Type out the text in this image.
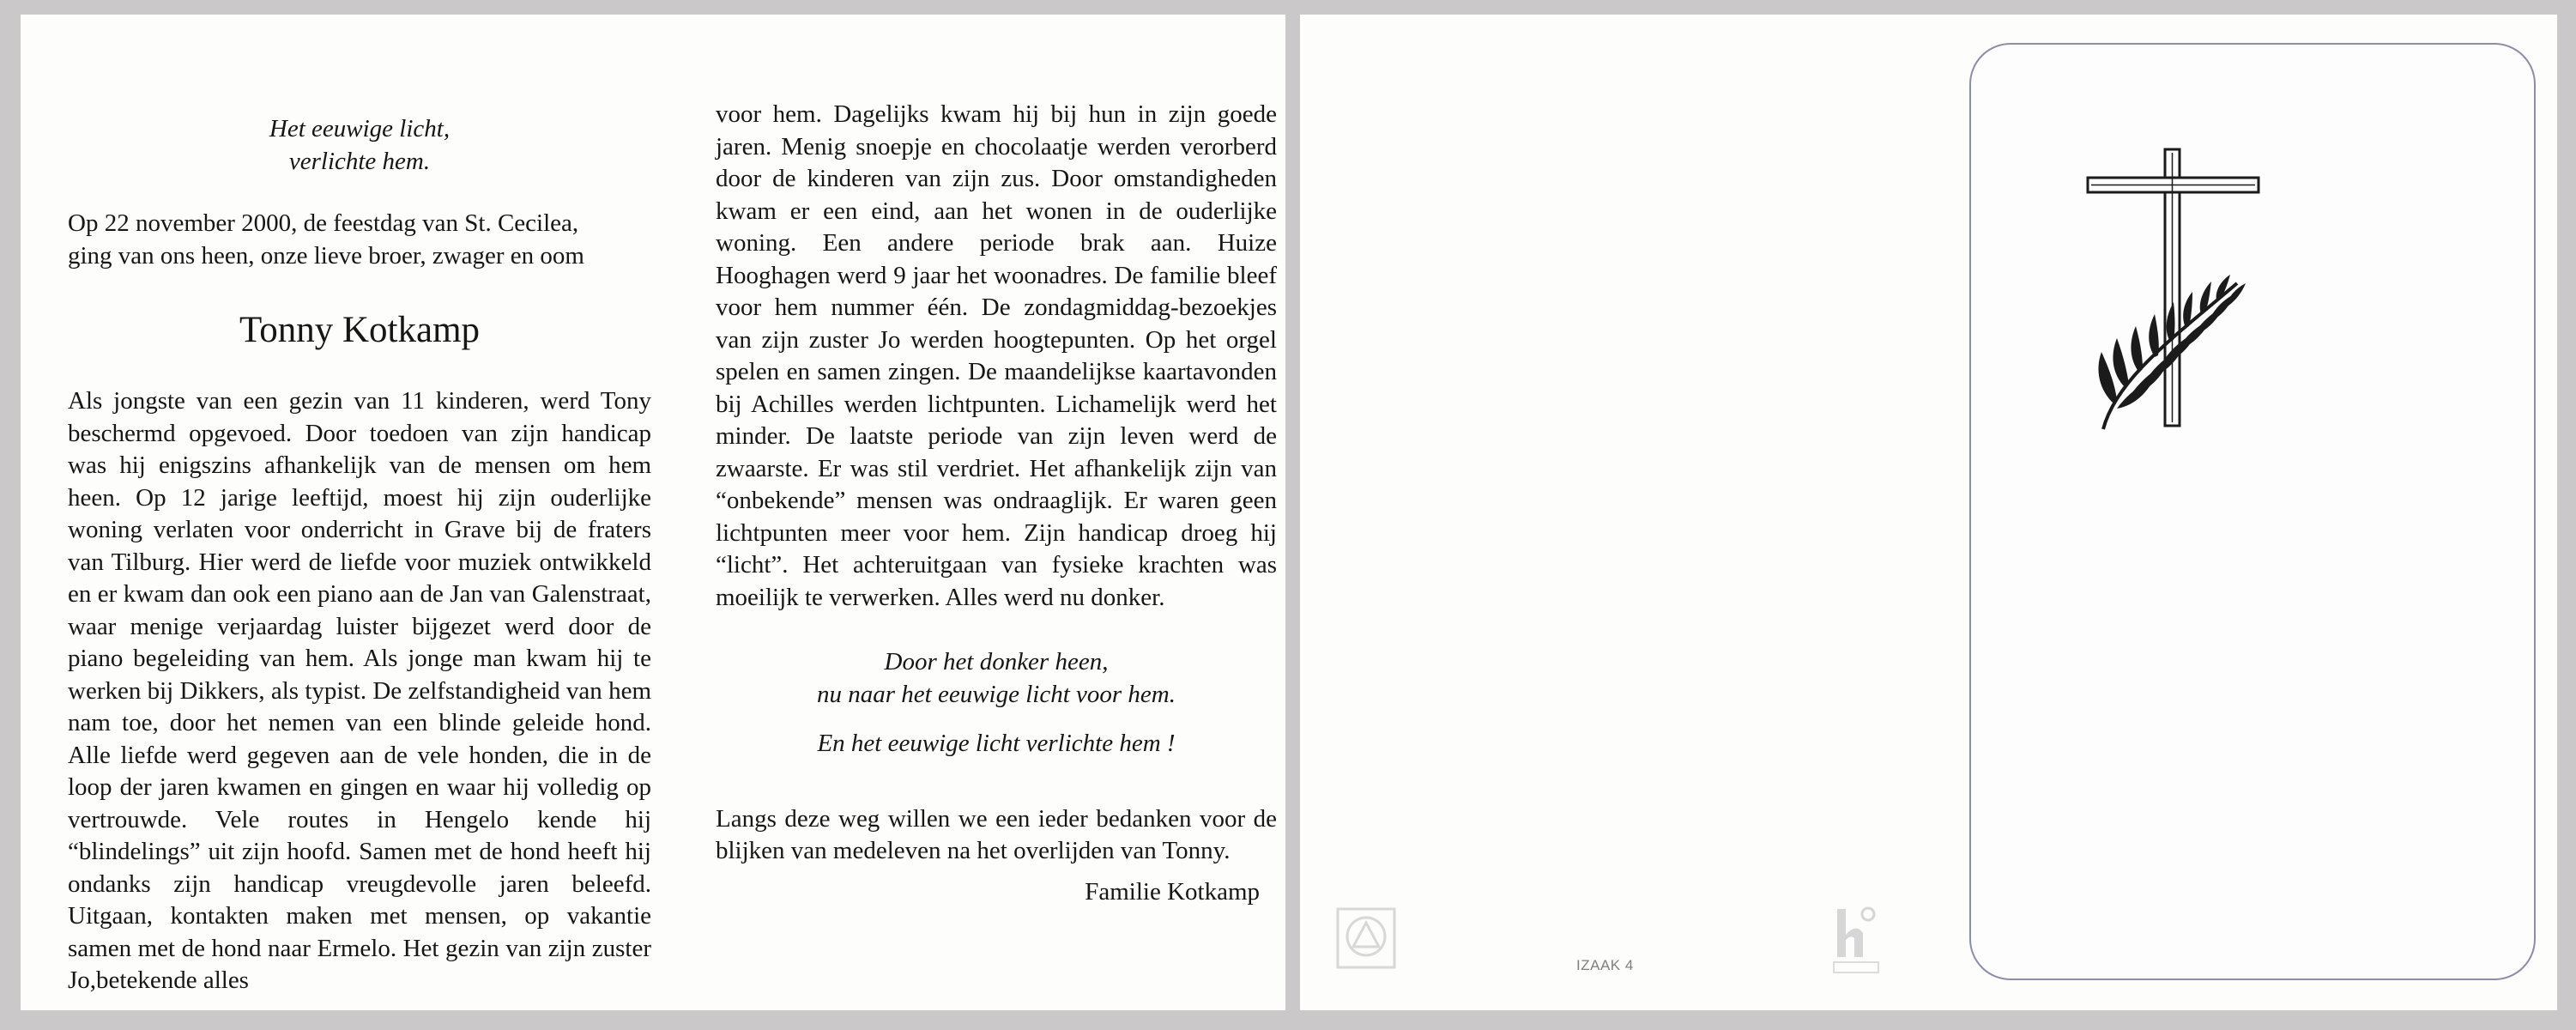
Het eeuwige licht,
verlichte hem.
Op 22 november 2000, de feestdag van St. Cecilea,
ging van ons heen, onze lieve broer, zwager en oom

Tonny Kotkamp

Als jongste van een gezin van 11 kinderen, werd Tony beschermd opgevoed. Door toedoen van zijn handicap was hij enigszins afhankelijk van de mensen om hem heen. Op 12 jarige leeftijd, moest hij zijn ouderlijke woning verlaten voor onderricht in Grave bij de fraters van Tilburg. Hier werd de liefde voor muziek ontwikkeld en er kwam dan ook een piano aan de Jan van Galenstraat, waar menige verjaardag luister bijgezet werd door de piano begeleiding van hem. Als jonge man kwam hij te werken bij Dikkers, als typist. De zelfstandigheid van hem nam toe, door het nemen van een blinde geleide hond. Alle liefde werd gegeven aan de vele honden, die in de loop der jaren kwamen en gingen en waar hij volledig op vertrouwde. Vele routes in Hengelo kende hij “blindelings” uit zijn hoofd. Samen met de hond heeft hij ondanks zijn handicap vreugdevolle jaren beleefd. Uitgaan, kontakten maken met mensen, op vakantie samen met de hond naar Ermelo. Het gezin van zijn zuster Jo,betekende alles

voor hem. Dagelijks kwam hij bij hun in zijn goede jaren. Menig snoepje en chocolaatje werden verorberd door de kinderen van zijn zus. Door omstandigheden kwam er een eind, aan het wonen in de ouderlijke woning. Een andere periode brak aan. Huize Hooghagen werd 9 jaar het woonadres. De familie bleef voor hem nummer één. De zondagmiddag-bezoekjes van zijn zuster Jo werden hoogtepunten. Op het orgel spelen en samen zingen. De maandelijkse kaartavonden bij Achilles werden lichtpunten. Lichamelijk werd het minder. De laatste periode van zijn leven werd de zwaarste. Er was stil verdriet. Het afhankelijk zijn van “onbekende” mensen was ondraaglijk. Er waren geen lichtpunten meer voor hem. Zijn handicap droeg hij “licht”. Het achteruitgaan van fysieke krachten was moeilijk te verwerken. Alles werd nu donker.

Door het donker heen,
nu naar het eeuwige licht voor hem.
En het eeuwige licht verlichte hem !

Langs deze weg willen we een ieder bedanken voor de blijken van medeleven na het overlijden van Tonny.

Familie Kotkamp

IZAAK 4
